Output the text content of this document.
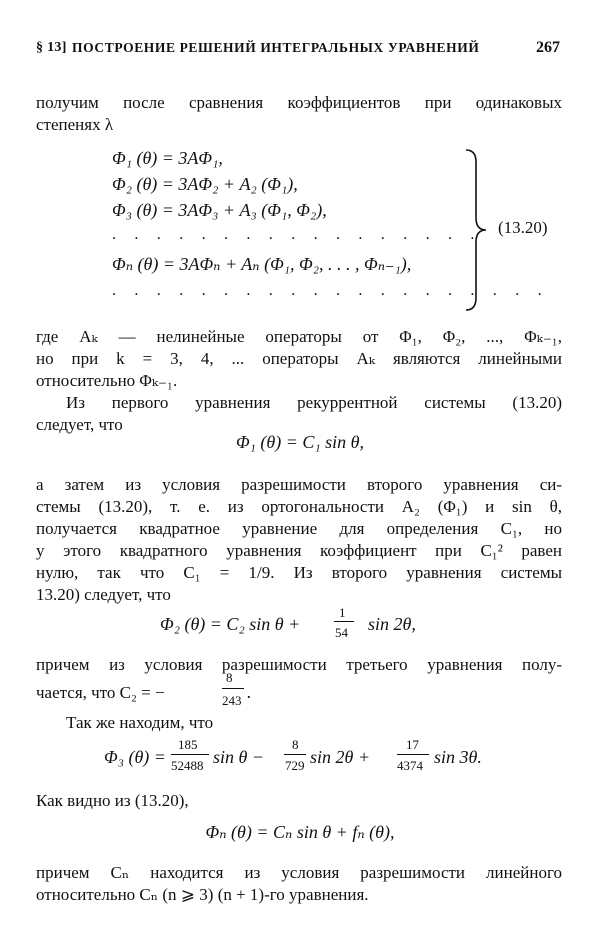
§ 13] ПОСТРОЕНИЕ РЕШЕНИЙ ИНТЕГРАЛЬНЫХ УРАВНЕНИЙ	267
получим после сравнения коэффициентов при одинаковых
степенях λ
Φ₁ (θ) = 3AΦ₁,
Φ₂ (θ) = 3AΦ₂ + A₂ (Φ₁),
Φ₃ (θ) = 3AΦ₃ + A₃ (Φ₁, Φ₂),
. . . . . . . . . . . . . . . . .
Φₙ (θ) = 3AΦₙ + Aₙ (Φ₁, Φ₂, . . . , Φₙ₋₁),
. . . . . . . . . . . . . . . . . . . .
(13.20)
где Aₖ — нелинейные операторы от Φ₁, Φ₂, ..., Φₖ₋₁,
но при k = 3, 4, ... операторы Aₖ являются линейными
относительно Φₖ₋₁.
Из первого уравнения рекуррентной системы (13.20)
следует, что
Φ₁ (θ) = C₁ sin θ,
а затем из условия разрешимости второго уравнения си-
стемы (13.20), т. е. из ортогональности A₂ (Φ₁) и sin θ,
получается квадратное уравнение для определения C₁, но
у этого квадратного уравнения коэффициент при C₁² равен
нулю, так что C₁ = 1/9. Из второго уравнения системы
13.20) следует, что
Φ₂ (θ) = C₂ sin θ +
1
54 sin 2θ,
причем из условия разрешимости третьего уравнения полу-
чается, что C₂ = −
8
243 .
Так же находим, что
Φ₃ (θ) =
185
52488 sin θ −
8
729 sin 2θ +
17
4374 sin 3θ.
Как видно из (13.20),
Φₙ (θ) = Cₙ sin θ + fₙ (θ),
причем Cₙ находится из условия разрешимости линейного
относительно Cₙ (n ⩾ 3) (n + 1)-го уравнения.
